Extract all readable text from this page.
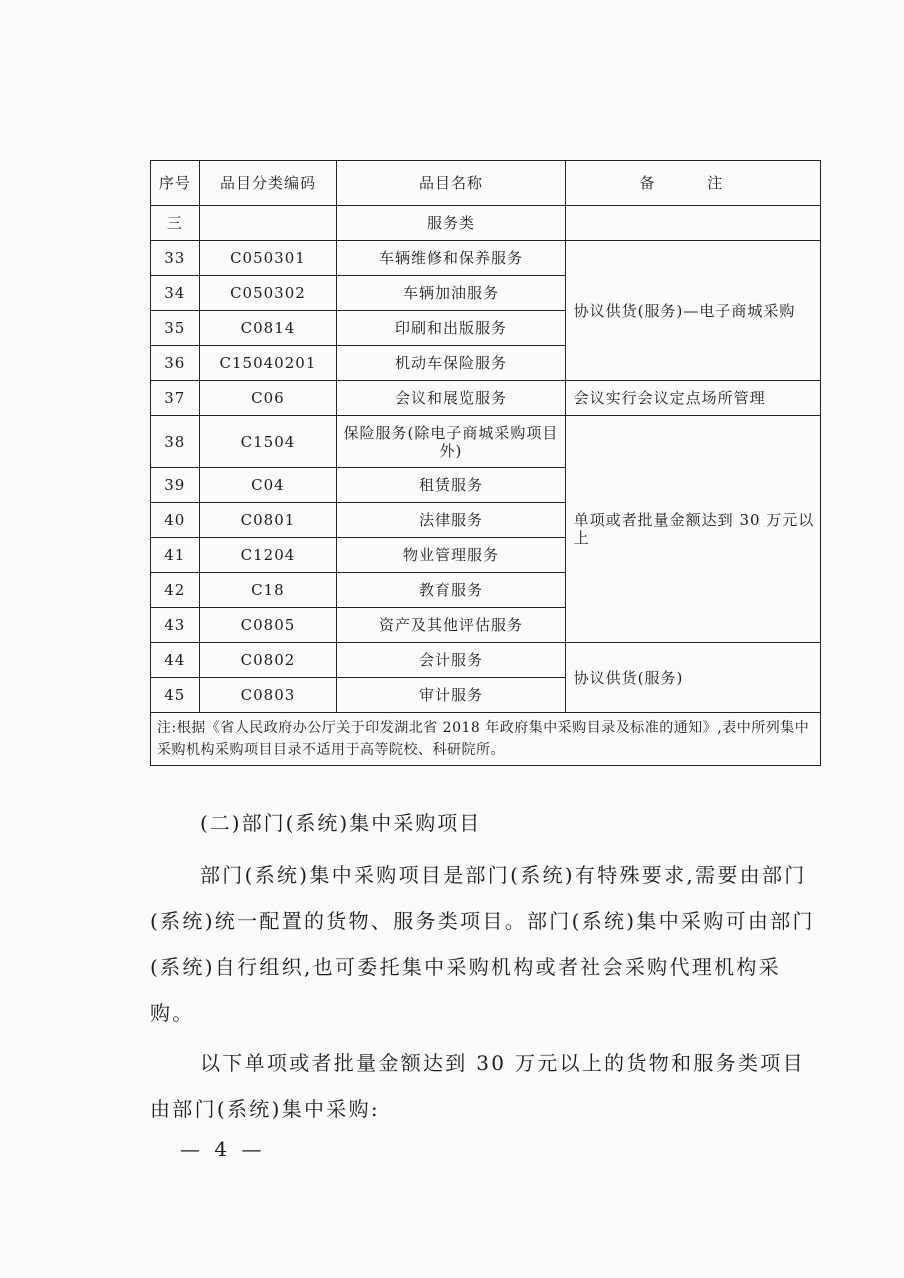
序号	品目分类编码	品目名称	备 注
三		服务类	
33	C050301	车辆维修和保养服务	协议供货(服务)—电子商城采购
34	C050302	车辆加油服务	
35	C0814	印刷和出版服务	
36	C15040201	机动车保险服务	
37	C06	会议和展览服务	会议实行会议定点场所管理
38	C1504	保险服务(除电子商城采购项目外)	单项或者批量金额达到 30 万元以上
39	C04	租赁服务	
40	C0801	法律服务	
41	C1204	物业管理服务	
42	C18	教育服务	
43	C0805	资产及其他评估服务	
44	C0802	会计服务	协议供货(服务)
45	C0803	审计服务	
注:根据《省人民政府办公厅关于印发湖北省 2018 年政府集中采购目录及标准的通知》,表中所列集中采购机构采购项目目录不适用于高等院校、科研院所。			
(二)部门(系统)集中采购项目
部门(系统)集中采购项目是部门(系统)有特殊要求,需要由部门(系统)统一配置的货物、服务类项目。部门(系统)集中采购可由部门(系统)自行组织,也可委托集中采购机构或者社会采购代理机构采购。
以下单项或者批量金额达到 30 万元以上的货物和服务类项目由部门(系统)集中采购:
— 4 —
